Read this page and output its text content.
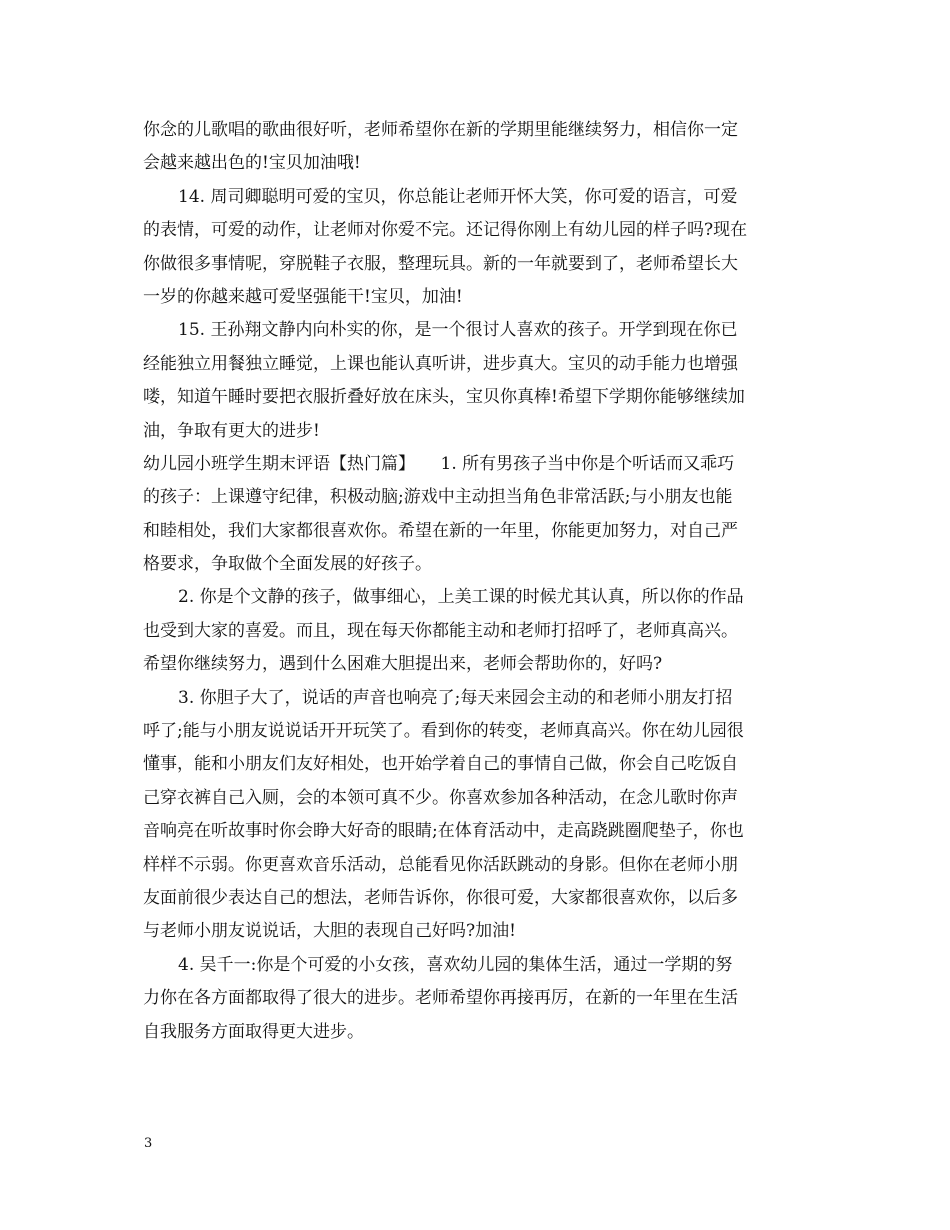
你念的儿歌唱的歌曲很好听，老师希望你在新的学期里能继续努力，相信你一定
会越来越出色的!宝贝加油哦!
14. 周司卿聪明可爱的宝贝，你总能让老师开怀大笑，你可爱的语言，可爱
的表情，可爱的动作，让老师对你爱不完。还记得你刚上有幼儿园的样子吗?现在
你做很多事情呢，穿脱鞋子衣服，整理玩具。新的一年就要到了，老师希望长大
一岁的你越来越可爱坚强能干!宝贝，加油!
15. 王孙翔文静内向朴实的你，是一个很讨人喜欢的孩子。开学到现在你已
经能独立用餐独立睡觉，上课也能认真听讲，进步真大。宝贝的动手能力也增强
喽，知道午睡时要把衣服折叠好放在床头，宝贝你真棒!希望下学期你能够继续加
油，争取有更大的进步!
幼儿园小班学生期末评语【热门篇】　　1. 所有男孩子当中你是个听话而又乖巧
的孩子：上课遵守纪律，积极动脑;游戏中主动担当角色非常活跃;与小朋友也能
和睦相处，我们大家都很喜欢你。希望在新的一年里，你能更加努力，对自己严
格要求，争取做个全面发展的好孩子。
2. 你是个文静的孩子，做事细心，上美工课的时候尤其认真，所以你的作品
也受到大家的喜爱。而且，现在每天你都能主动和老师打招呼了，老师真高兴。
希望你继续努力，遇到什么困难大胆提出来，老师会帮助你的，好吗?
3. 你胆子大了，说话的声音也响亮了;每天来园会主动的和老师小朋友打招
呼了;能与小朋友说说话开开玩笑了。看到你的转变，老师真高兴。你在幼儿园很
懂事，能和小朋友们友好相处，也开始学着自己的事情自己做，你会自己吃饭自
己穿衣裤自己入厕，会的本领可真不少。你喜欢参加各种活动，在念儿歌时你声
音响亮在听故事时你会睁大好奇的眼睛;在体育活动中，走高跷跳圈爬垫子，你也
样样不示弱。你更喜欢音乐活动，总能看见你活跃跳动的身影。但你在老师小朋
友面前很少表达自己的想法，老师告诉你，你很可爱，大家都很喜欢你，以后多
与老师小朋友说说话，大胆的表现自己好吗?加油!
4. 吴千一:你是个可爱的小女孩，喜欢幼儿园的集体生活，通过一学期的努
力你在各方面都取得了很大的进步。老师希望你再接再厉，在新的一年里在生活
自我服务方面取得更大进步。
3
